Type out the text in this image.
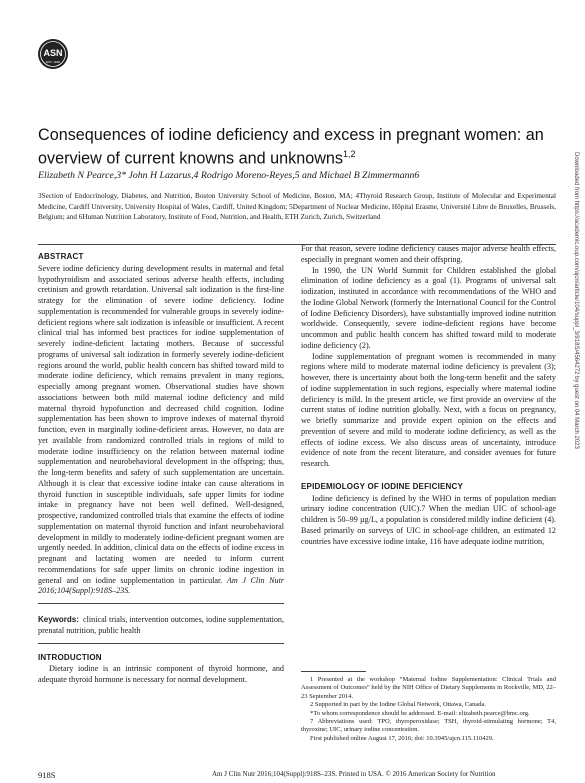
ASN
EST. 1928
Consequences of iodine deficiency and excess in pregnant women: an overview of current knowns and unknowns$^{1,2}$
Elizabeth N Pearce,3* John H Lazarus,4 Rodrigo Moreno-Reyes,5 and Michael B Zimmermann6
3Section of Endocrinology, Diabetes, and Nutrition, Boston University School of Medicine, Boston, MA; 4Thyroid Research Group, Institute of Molecular and Experimental Medicine, Cardiff University, University Hospital of Wales, Cardiff, United Kingdom; 5Department of Nuclear Medicine, Hôpital Erasme, Université Libre de Bruxelles, Brussels, Belgium; and 6Human Nutrition Laboratory, Institute of Food, Nutrition, and Health, ETH Zurich, Zurich, Switzerland

ABSTRACT

Severe iodine deficiency during development results in maternal and fetal hypothyroidism and associated serious adverse health effects, including cretinism and growth retardation. Universal salt iodization is the first-line strategy for the elimination of severe iodine deficiency. Iodine supplementation is recommended for vulnerable groups in severely iodine-deficient regions where salt iodization is infeasible or insufficient. A recent clinical trial has informed best practices for iodine supplementation of severely iodine-deficient lactating mothers. Because of successful programs of universal salt iodization in formerly severely iodine-deficient regions around the world, public health concern has shifted toward mild to moderate iodine deficiency, which remains prevalent in many regions, especially among pregnant women. Observational studies have shown associations between both mild maternal iodine deficiency and mild maternal thyroid hypofunction and decreased child cognition. Iodine supplementation has been shown to improve indexes of maternal thyroid function, even in marginally iodine-deficient areas. However, no data are yet available from randomized controlled trials in regions of mild to moderate iodine insufficiency on the relation between maternal iodine supplementation and neurobehavioral development in the offspring; thus, the long-term benefits and safety of such supplementation are uncertain. Although it is clear that excessive iodine intake can cause alterations in thyroid function in susceptible individuals, safe upper limits for iodine intake in pregnancy have not been well defined. Well-designed, prospective, randomized controlled trials that examine the effects of iodine supplementation on maternal thyroid function and infant neurobehavioral development in mildly to moderately iodine-deficient pregnant women are urgently needed. In addition, clinical data on the effects of iodine excess in pregnant and lactating women are needed to inform current recommendations for safe upper limits on chronic iodine ingestion in general and on iodine supplementation in particular. Am J Clin Nutr 2016;104(Suppl):918S–23S.

Keywords: clinical trials, intervention outcomes, iodine supplementation, prenatal nutrition, public health

INTRODUCTION

Dietary iodine is an intrinsic component of thyroid hormone, and adequate thyroid hormone is necessary for normal development.

For that reason, severe iodine deficiency causes major adverse health effects, especially in pregnant women and their offspring.

In 1990, the UN World Summit for Children established the global elimination of iodine deficiency as a goal (1). Programs of universal salt iodization, instituted in accordance with recommendations of the WHO and the Iodine Global Network (formerly the International Council for the Control of Iodine Deficiency Disorders), have substantially improved iodine nutrition worldwide. Consequently, severe iodine-deficient regions have become uncommon and public health concern has shifted toward mild to moderate iodine deficiency (2).

Iodine supplementation of pregnant women is recommended in many regions where mild to moderate maternal iodine deficiency is prevalent (3); however, there is uncertainty about both the long-term benefit and the safety of iodine supplementation in such regions, especially where maternal iodine deficiency is mild. In the present article, we first provide an overview of the current status of iodine nutrition globally. Next, with a focus on pregnancy, we briefly summarize and provide expert opinion on the effects and prevention of severe and mild to moderate iodine deficiency, as well as the effects of iodine excess. We also discuss areas of uncertainty, introduce evidence of note from the recent literature, and consider avenues for future research.

EPIDEMIOLOGY OF IODINE DEFICIENCY

Iodine deficiency is defined by the WHO in terms of population median urinary iodine concentration (UIC).7 When the median UIC of school-age children is 50–99 µg/L, a population is considered mildly iodine deficient (4). Based primarily on surveys of UIC in school-age children, an estimated 12 countries have excessive iodine intake, 116 have adequate iodine nutrition,

1 Presented at the workshop “Maternal Iodine Supplementation: Clinical Trials and Assessment of Outcomes” held by the NIH Office of Dietary Supplements in Rockville, MD, 22–23 September 2014.

2 Supported in part by the Iodine Global Network, Ottawa, Canada.

*To whom correspondence should be addressed. E-mail: elizabeth.pearce@bmc.org.

7 Abbreviations used: TPO, thyroperoxidase; TSH, thyroid-stimulating hormone; T4, thyroxine; UIC, urinary iodine concentration.

First published online August 17, 2016; doi: 10.3945/ajcn.115.110429.

918S	Am J Clin Nutr 2016;104(Suppl):918S–23S. Printed in USA. © 2016 American Society for Nutrition
Downloaded from https://academic.oup.com/ajcn/article/104/suppl_3/918S/4564272 by guest on 04 March 2023
